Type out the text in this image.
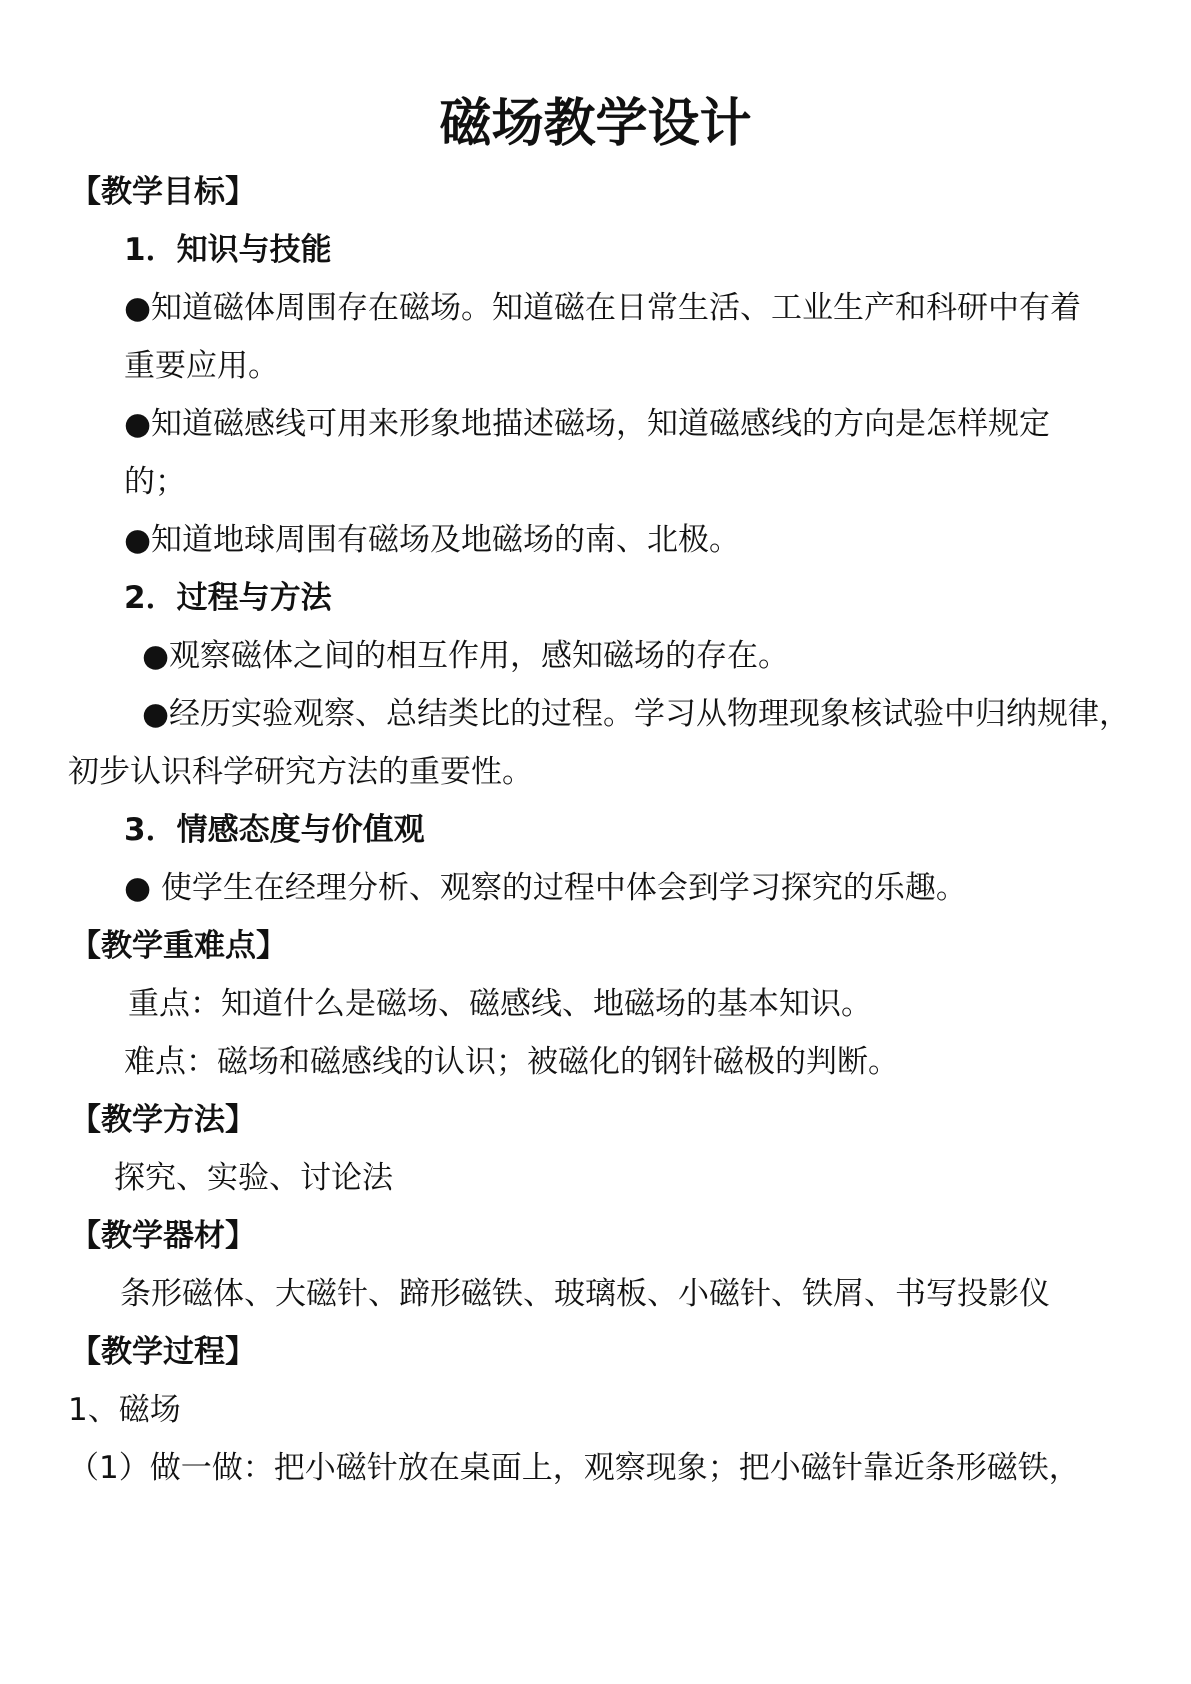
磁场教学设计
【教学目标】
1．知识与技能
●知道磁体周围存在磁场。知道磁在日常生活、工业生产和科研中有着
重要应用。
●知道磁感线可用来形象地描述磁场，知道磁感线的方向是怎样规定
的；
●知道地球周围有磁场及地磁场的南、北极。
2．过程与方法
●观察磁体之间的相互作用，感知磁场的存在。
●经历实验观察、总结类比的过程。学习从物理现象核试验中归纳规律，
初步认识科学研究方法的重要性。
3．情感态度与价值观
● 使学生在经理分析、观察的过程中体会到学习探究的乐趣。
【教学重难点】
重点：知道什么是磁场、磁感线、地磁场的基本知识。
难点：磁场和磁感线的认识；被磁化的钢针磁极的判断。
【教学方法】
探究、实验、讨论法
【教学器材】
条形磁体、大磁针、蹄形磁铁、玻璃板、小磁针、铁屑、书写投影仪
【教学过程】
1、磁场
（1）做一做：把小磁针放在桌面上，观察现象；把小磁针靠近条形磁铁，
